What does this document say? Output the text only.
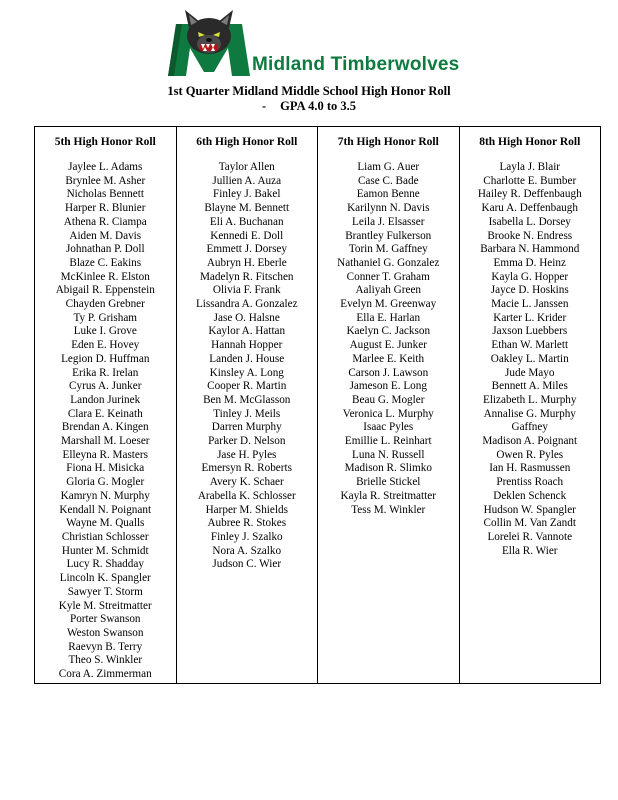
Midland Timberwolves
1st Quarter Midland Middle School High Honor Roll
- GPA 4.0 to 3.5
5th High Honor Roll
Jaylee L. Adams
Brynlee M. Asher
Nicholas Bennett
Harper R. Blunier
Athena R. Ciampa
Aiden M. Davis
Johnathan P. Doll
Blaze C. Eakins
McKinlee R. Elston
Abigail R. Eppenstein
Chayden Grebner
Ty P. Grisham
Luke I. Grove
Eden E. Hovey
Legion D. Huffman
Erika R. Irelan
Cyrus A. Junker
Landon Jurinek
Clara E. Keinath
Brendan A. Kingen
Marshall M. Loeser
Elleyna R. Masters
Fiona H. Misicka
Gloria G. Mogler
Kamryn N. Murphy
Kendall N. Poignant
Wayne M. Qualls
Christian Schlosser
Hunter M. Schmidt
Lucy R. Shadday
Lincoln K. Spangler
Sawyer T. Storm
Kyle M. Streitmatter
Porter Swanson
Weston Swanson
Raevyn B. Terry
Theo S. Winkler
Cora A. Zimmerman

6th High Honor Roll
Taylor Allen
Jullien A. Auza
Finley J. Bakel
Blayne M. Bennett
Eli A. Buchanan
Kennedi E. Doll
Emmett J. Dorsey
Aubryn H. Eberle
Madelyn R. Fitschen
Olivia F. Frank
Lissandra A. Gonzalez
Jase O. Halsne
Kaylor A. Hattan
Hannah Hopper
Landen J. House
Kinsley A. Long
Cooper R. Martin
Ben M. McGlasson
Tinley J. Meils
Darren Murphy
Parker D. Nelson
Jase H. Pyles
Emersyn R. Roberts
Avery K. Schaer
Arabella K. Schlosser
Harper M. Shields
Aubree R. Stokes
Finley J. Szalko
Nora A. Szalko
Judson C. Wier

7th High Honor Roll
Liam G. Auer
Case C. Bade
Eamon Benne
Karilynn N. Davis
Leila J. Elsasser
Brantley Fulkerson
Torin M. Gaffney
Nathaniel G. Gonzalez
Conner T. Graham
Aaliyah Green
Evelyn M. Greenway
Ella E. Harlan
Kaelyn C. Jackson
August E. Junker
Marlee E. Keith
Carson J. Lawson
Jameson E. Long
Beau G. Mogler
Veronica L. Murphy
Isaac Pyles
Emillie L. Reinhart
Luna N. Russell
Madison R. Slimko
Brielle Stickel
Kayla R. Streitmatter
Tess M. Winkler

8th High Honor Roll
Layla J. Blair
Charlotte E. Bumber
Hailey R. Deffenbaugh
Karu A. Deffenbaugh
Isabella L. Dorsey
Brooke N. Endress
Barbara N. Hammond
Emma D. Heinz
Kayla G. Hopper
Jayce D. Hoskins
Macie L. Janssen
Karter L. Krider
Jaxson Luebbers
Ethan W. Marlett
Oakley L. Martin
Jude Mayo
Bennett A. Miles
Elizabeth L. Murphy
Annalise G. Murphy
Gaffney
Madison A. Poignant
Owen R. Pyles
Ian H. Rasmussen
Prentiss Roach
Deklen Schenck
Hudson W. Spangler
Collin M. Van Zandt
Lorelei R. Vannote
Ella R. Wier
